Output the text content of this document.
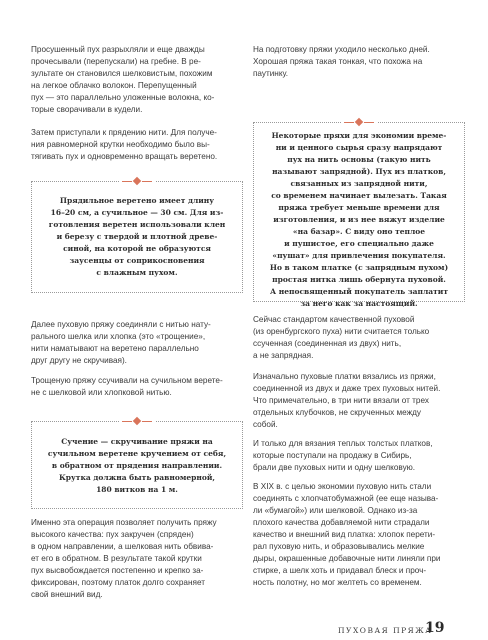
Просушенный пух разрыхляли и еще дважды
прочесывали (перепускали) на гребне. В ре-
зультате он становился шелковистым, похожим
на легкое облачко волокон. Перепущенный
пух — это параллельно уложенные волокна, ко-
торые сворачивали в кудели.

Затем приступали к прядению нити. Для получе-
ния равномерной крутки необходимо было вы-
тягивать пух и одновременно вращать веретено.

Прядильное веретено имеет длину
16–20 см, а сучильное — 30 см. Для из-
готовления веретен использовали клен
и березу с твердой и плотной древе-
синой, на которой не образуются
заусенцы от соприкосновения
с влажным пухом.

Далее пуховую пряжу соединяли с нитью нату-
рального шелка или хлопка (это «трощение»,
нити наматывают на веретено параллельно
друг другу не скручивая).

Трощеную пряжу ссучивали на сучильном верете-
не с шелковой или хлопковой нитью.

Сучение — скручивание пряжи на
сучильном веретене кручением от себя,
в обратном от прядения направлении.
Крутка должна быть равномерной,
180 витков на 1 м.

Именно эта операция позволяет получить пряжу
высокого качества: пух закручен (спряден)
в одном направлении, а шелковая нить обвива-
ет его в обратном. В результате такой крутки
пух высвобождается постепенно и крепко за-
фиксирован, поэтому платок долго сохраняет
свой внешний вид.

На подготовку пряжи уходило несколько дней.
Хорошая пряжа такая тонкая, что похожа на
паутинку.

Некоторые пряхи для экономии време-
ни и ценного сырья сразу напрядают
пух на нить основы (такую нить
называют запрядной). Пух из платков,
связанных из запрядной нити,
со временем начинает вылезать. Такая
пряжа требует меньше времени для
изготовления, и из нее вяжут изделие
«на базар». С виду оно теплое
и пушистое, его специально даже
«пушат» для привлечения покупателя.
Но в таком платке (с запрядным пухом)
простая нитка лишь обернута пуховой.
А непосвященный покупатель заплатит
за него как за настоящий.

Сейчас стандартом качественной пуховой
(из оренбургского пуха) нити считается только
ссученная (соединенная из двух) нить,
а не запрядная.

Изначально пуховые платки вязались из пряжи,
соединенной из двух и даже трех пуховых нитей.
Что примечательно, в три нити вязали от трех
отдельных клубочков, не скрученных между
собой.

И только для вязания теплых толстых платков,
которые поступали на продажу в Сибирь,
брали две пуховых нити и одну шелковую.

В XIX в. с целью экономии пуховую нить стали
соединять с хлопчатобумажной (ее еще называ-
ли «бумагой») или шелковой. Однако из-за
плохого качества добавляемой нити страдали
качество и внешний вид платка: хлопок перети-
рал пуховую нить, и образовывались мелкие
дыры, окрашенные добавочные нити линяли при
стирке, а шелк хоть и придавал блеск и проч-
ность полотну, но мог желтеть со временем.

ПУХОВАЯ ПРЯЖА
19
